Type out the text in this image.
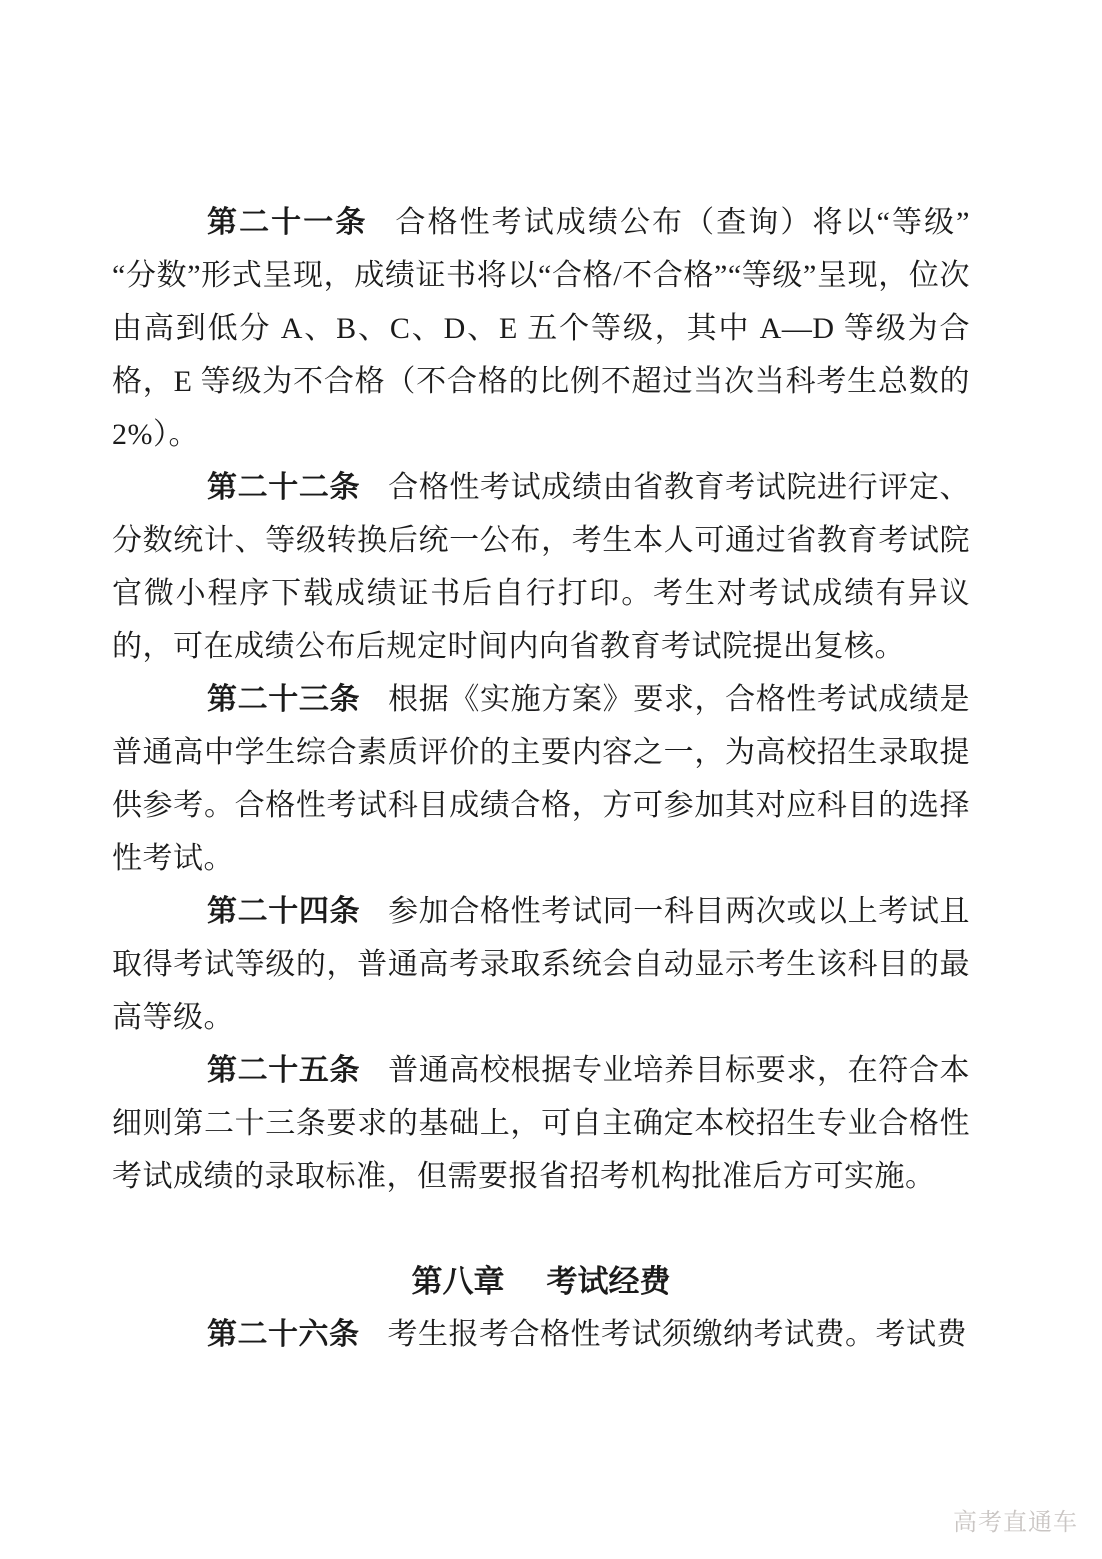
第二十一条 合格性考试成绩公布（查询）将以“等级”“分数”形式呈现，成绩证书将以“合格/不合格”“等级”呈现，位次由高到低分 A、B、C、D、E 五个等级，其中 A—D 等级为合格，E 等级为不合格（不合格的比例不超过当次当科考生总数的 2%）。

第二十二条 合格性考试成绩由省教育考试院进行评定、分数统计、等级转换后统一公布，考生本人可通过省教育考试院官微小程序下载成绩证书后自行打印。考生对考试成绩有异议的，可在成绩公布后规定时间内向省教育考试院提出复核。

第二十三条 根据《实施方案》要求，合格性考试成绩是普通高中学生综合素质评价的主要内容之一，为高校招生录取提供参考。合格性考试科目成绩合格，方可参加其对应科目的选择性考试。

第二十四条 参加合格性考试同一科目两次或以上考试且取得考试等级的，普通高考录取系统会自动显示考生该科目的最高等级。

第二十五条 普通高校根据专业培养目标要求，在符合本细则第二十三条要求的基础上，可自主确定本校招生专业合格性考试成绩的录取标准，但需要报省招考机构批准后方可实施。

第八章 考试经费

第二十六条 考生报考合格性考试须缴纳考试费。考试费

高考直通车
